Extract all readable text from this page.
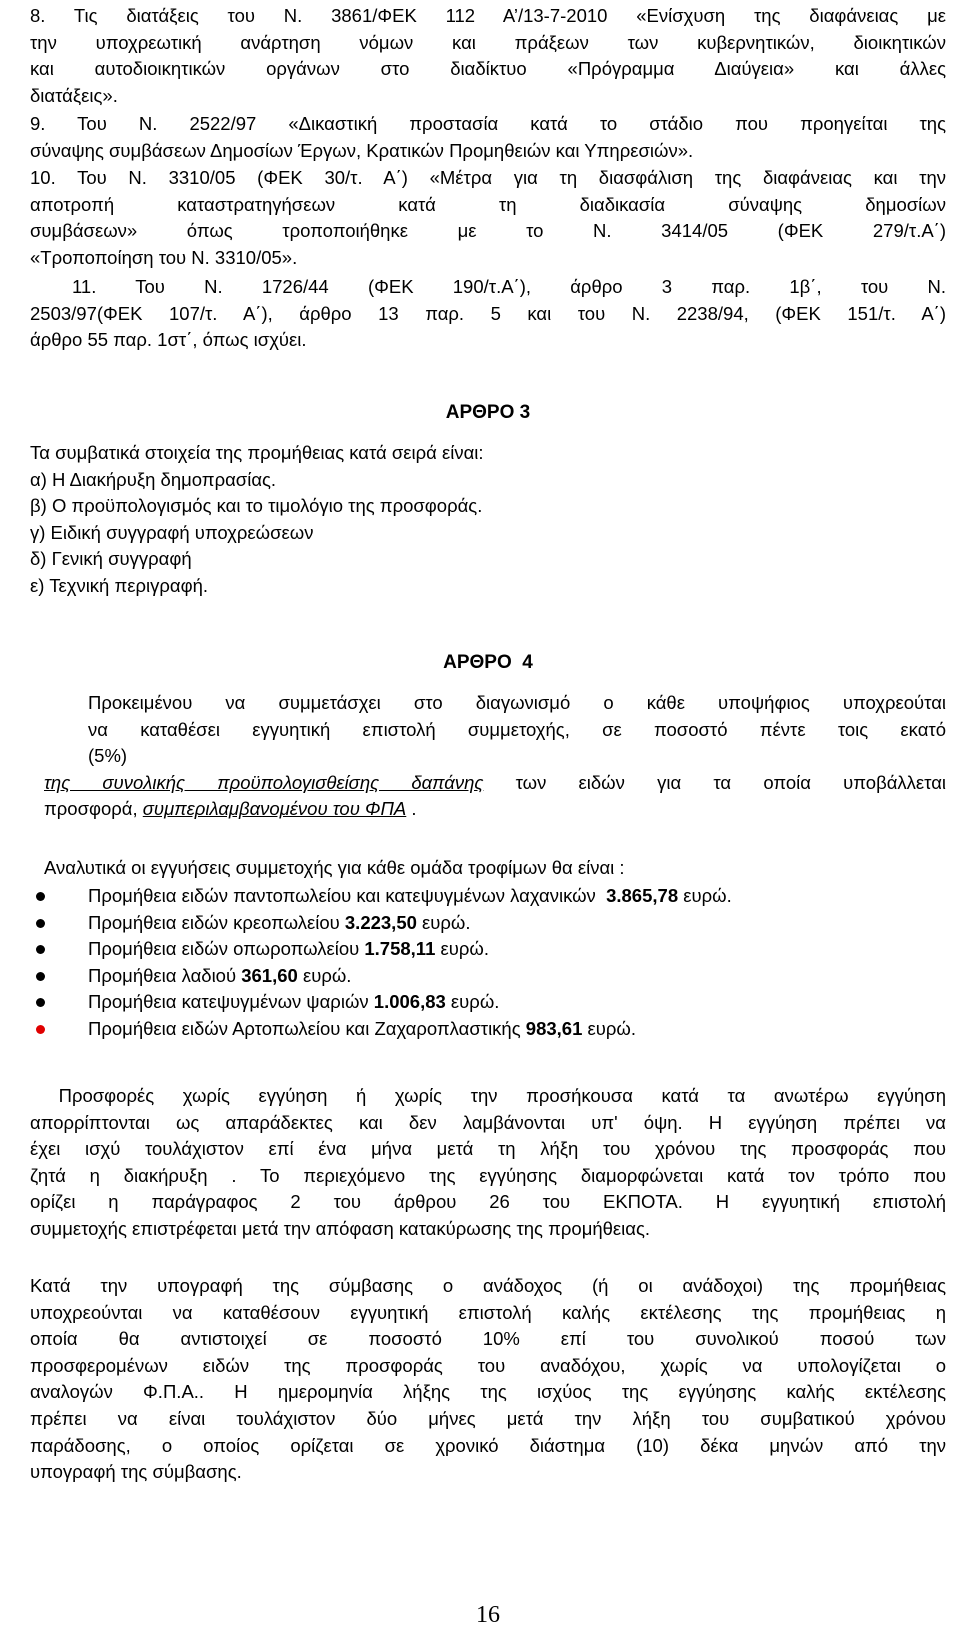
8. Τις διατάξεις του Ν. 3861/ΦΕΚ 112 Α’/13-7-2010 «Ενίσχυση της διαφάνειας με
την υποχρεωτική ανάρτηση νόμων και πράξεων των κυβερνητικών, διοικητικών
και αυτοδιοικητικών οργάνων στο διαδίκτυο «Πρόγραμμα Διαύγεια» και άλλες
διατάξεις».
9. Του Ν. 2522/97 «Δικαστική προστασία κατά το στάδιο που προηγείται της
σύναψης συμβάσεων Δημοσίων Έργων, Κρατικών Προμηθειών και Υπηρεσιών».
10. Του Ν. 3310/05 (ΦΕΚ 30/τ. Α΄) «Μέτρα για τη διασφάλιση της διαφάνειας και την
αποτροπή καταστρατηγήσεων κατά τη διαδικασία σύναψης δημοσίων
συμβάσεων» όπως τροποποιήθηκε με το Ν. 3414/05 (ΦΕΚ 279/τ.Α΄)
«Τροποποίηση του Ν. 3310/05».
11. Του Ν. 1726/44 (ΦΕΚ 190/τ.Α΄), άρθρο 3 παρ. 1β΄, του Ν.
2503/97(ΦΕΚ 107/τ. Α΄), άρθρο 13 παρ. 5 και του Ν. 2238/94, (ΦΕΚ 151/τ. Α΄)
άρθρο 55 παρ. 1στ΄, όπως ισχύει.
ΑΡΘΡΟ 3
Τα συμβατικά στοιχεία της προμήθειας κατά σειρά είναι:
α) Η Διακήρυξη δημοπρασίας.
β) Ο προϋπολογισμός και το τιμολόγιο της προσφοράς.
γ) Ειδική συγγραφή υποχρεώσεων
δ) Γενική συγγραφή
ε) Τεχνική περιγραφή.
ΑΡΘΡΟ  4
Προκειμένου να συμμετάσχει στο διαγωνισμό ο κάθε υποψήφιος υποχρεούται
να καταθέσει εγγυητική επιστολή συμμετοχής, σε ποσοστό πέντε τοις εκατό
(5%)
της συνολικής προϋπολογισθείσης δαπάνης των ειδών για τα οποία υποβάλλεται
προσφορά, συμπεριλαμβανομένου του ΦΠΑ .
Αναλυτικά οι εγγυήσεις συμμετοχής για κάθε ομάδα τροφίμων θα είναι :
Προμήθεια ειδών παντοπωλείου και κατεψυγμένων λαχανικών  3.865,78 ευρώ.
Προμήθεια ειδών κρεοπωλείου 3.223,50 ευρώ.
Προμήθεια ειδών οπωροπωλείου 1.758,11 ευρώ.
Προμήθεια λαδιού 361,60 ευρώ.
Προμήθεια κατεψυγμένων ψαριών 1.006,83 ευρώ.
Προμήθεια ειδών Αρτοπωλείου και Ζαχαροπλαστικής 983,61 ευρώ.
Προσφορές χωρίς εγγύηση ή χωρίς την προσήκουσα κατά τα ανωτέρω εγγύηση
απορρίπτονται ως απαράδεκτες και δεν λαμβάνονται υπ' όψη. Η εγγύηση πρέπει να
έχει ισχύ τουλάχιστον επί ένα μήνα μετά τη λήξη του χρόνου της προσφοράς που
ζητά η διακήρυξη . Το περιεχόμενο της εγγύησης διαμορφώνεται κατά τον τρόπο που
ορίζει η παράγραφος 2 του άρθρου 26 του ΕΚΠΟΤΑ. Η εγγυητική επιστολή
συμμετοχής επιστρέφεται μετά την απόφαση κατακύρωσης της προμήθειας.
Κατά την υπογραφή της σύμβασης ο ανάδοχος (ή οι ανάδοχοι) της προμήθειας
υποχρεούνται να καταθέσουν εγγυητική επιστολή καλής εκτέλεσης της προμήθειας η
οποία θα αντιστοιχεί σε ποσοστό 10% επί του συνολικού ποσού των
προσφερομένων ειδών της προσφοράς του αναδόχου, χωρίς να υπολογίζεται ο
αναλογών Φ.Π.Α.. Η ημερομηνία λήξης της ισχύος της εγγύησης καλής εκτέλεσης
πρέπει να είναι τουλάχιστον δύο μήνες μετά την λήξη του συμβατικού χρόνου
παράδοσης, ο οποίος ορίζεται σε χρονικό διάστημα (10) δέκα μηνών από την
υπογραφή της σύμβασης.
16
